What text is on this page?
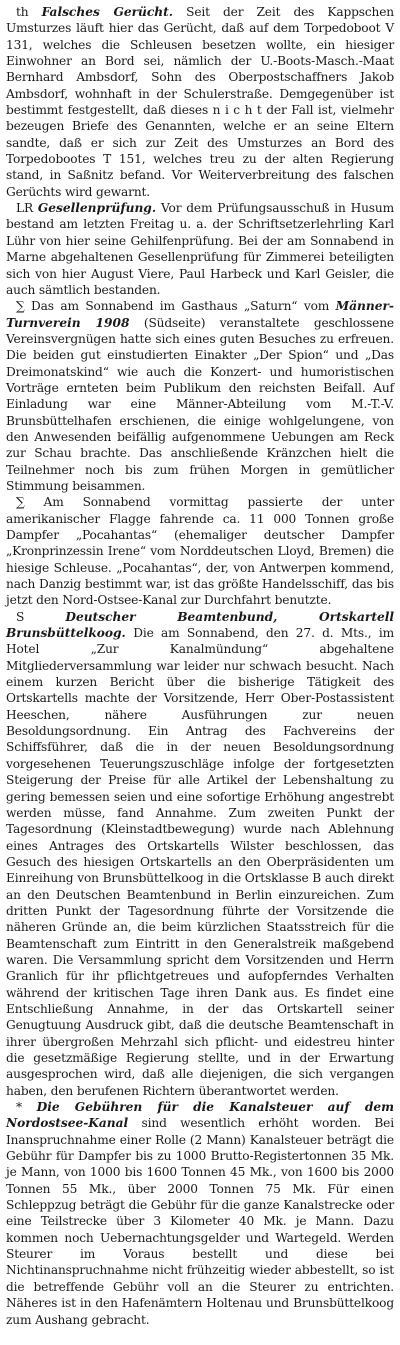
th Falsches Gerücht. Seit der Zeit des Kappschen Umsturzes läuft hier das Gerücht, daß auf dem Torpedoboot V 131, welches die Schleusen besetzen wollte, ein hiesiger Einwohner an Bord sei, nämlich der U.-Boots-Masch.-Maat Bernhard Ambsdorf, Sohn des Oberpostschaffners Jakob Ambsdorf, wohnhaft in der Schulerstraße. Demgegenüber ist bestimmt festgestellt, daß dieses n i c h t der Fall ist, vielmehr bezeugen Briefe des Genannten, welche er an seine Eltern sandte, daß er sich zur Zeit des Umsturzes an Bord des Torpedobootes T 151, welches treu zu der alten Regierung stand, in Saßnitz befand. Vor Weiterverbreitung des falschen Gerüchts wird gewarnt.

LR Gesellenprüfung. Vor dem Prüfungsausschuß in Husum bestand am letzten Freitag u. a. der Schriftsetzerlehrling Karl Lühr von hier seine Gehilfenprüfung. Bei der am Sonnabend in Marne abgehaltenen Gesellenprüfung für Zimmerei beteiligten sich von hier August Viere, Paul Harbeck und Karl Geisler, die auch sämtlich bestanden.

∑ Das am Sonnabend im Gasthaus „Saturn“ vom Männer-Turnverein 1908 (Südseite) veranstaltete geschlossene Vereinsvergnügen hatte sich eines guten Besuches zu erfreuen. Die beiden gut einstudierten Einakter „Der Spion“ und „Das Dreimonatskind“ wie auch die Konzert- und humoristischen Vorträge ernteten beim Publikum den reichsten Beifall. Auf Einladung war eine Männer-Abteilung vom M.-T.-V. Brunsbüttelhafen erschienen, die einige wohlgelungene, von den Anwesenden beifällig aufgenommene Uebungen am Reck zur Schau brachte. Das anschließende Kränzchen hielt die Teilnehmer noch bis zum frühen Morgen in gemütlicher Stimmung beisammen.

∑ Am Sonnabend vormittag passierte der unter amerikanischer Flagge fahrende ca. 11 000 Tonnen große Dampfer „Pocahantas“ (ehemaliger deutscher Dampfer „Kronprinzessin Irene“ vom Norddeutschen Lloyd, Bremen) die hiesige Schleuse. „Pocahantas“, der, von Antwerpen kommend, nach Danzig bestimmt war, ist das größte Handelsschiff, das bis jetzt den Nord-Ostsee-Kanal zur Durchfahrt benutzte.

S	Deutscher Beamtenbund, Ortskartell Brunsbüttelkoog. Die am Sonnabend, den 27. d. Mts., im Hotel „Zur Kanalmündung“ abgehaltene Mitgliederversammlung war leider nur schwach besucht. Nach einem kurzen Bericht über die bisherige Tätigkeit des Ortskartells machte der Vorsitzende, Herr Ober-Postassistent Heeschen, nähere Ausführungen zur neuen Besoldungsordnung. Ein Antrag des Fachvereins der Schiffsführer, daß die in der neuen Besoldungsordnung vorgesehenen Teuerungszuschläge infolge der fortgesetzten Steigerung der Preise für alle Artikel der Lebenshaltung zu gering bemessen seien und eine sofortige Erhöhung angestrebt werden müsse, fand Annahme. Zum zweiten Punkt der Tagesordnung (Kleinstadtbewegung) wurde nach Ablehnung eines Antrages des Ortskartells Wilster beschlossen, das Gesuch des hiesigen Ortskartells an den Oberpräsidenten um Einreihung von Brunsbüttelkoog in die Ortsklasse B auch direkt an den Deutschen Beamtenbund in Berlin einzureichen. Zum dritten Punkt der Tagesordnung führte der Vorsitzende die näheren Gründe an, die beim kürzlichen Staatsstreich für die Beamtenschaft zum Eintritt in den Generalstreik maßgebend waren. Die Versammlung spricht dem Vorsitzenden und Herrn Granlich für ihr pflichtgetreues und aufopferndes Verhalten während der kritischen Tage ihren Dank aus. Es findet eine Entschließung Annahme, in der das Ortskartell seiner Genugtuung Ausdruck gibt, daß die deutsche Beamtenschaft in ihrer übergroßen Mehrzahl sich pflicht- und eidestreu hinter die gesetzmäßige Regierung stellte, und in der Erwartung ausgesprochen wird, daß alle diejenigen, die sich vergangen haben, den berufenen Richtern überantwortet werden.

* Die Gebühren für die Kanalsteuer auf dem Nordostsee-Kanal sind wesentlich erhöht worden. Bei Inanspruchnahme einer Rolle (2 Mann) Kanalsteuer beträgt die Gebühr für Dampfer bis zu 1000 Brutto-Registertonnen 35 Mk. je Mann, von 1000 bis 1600 Tonnen 45 Mk., von 1600 bis 2000 Tonnen 55 Mk., über 2000 Tonnen 75 Mk. Für einen Schleppzug beträgt die Gebühr für die ganze Kanalstrecke oder eine Teilstrecke über 3 Kilometer 40 Mk. je Mann. Dazu kommen noch Uebernachtungsgelder und Wartegeld. Werden Steurer im Voraus bestellt und diese bei Nichtinanspruchnahme nicht frühzeitig wieder abbestellt, so ist die betreffende Gebühr voll an die Steurer zu entrichten. Näheres ist in den Hafenämtern Holtenau und Brunsbüttelkoog zum Aushang gebracht.
